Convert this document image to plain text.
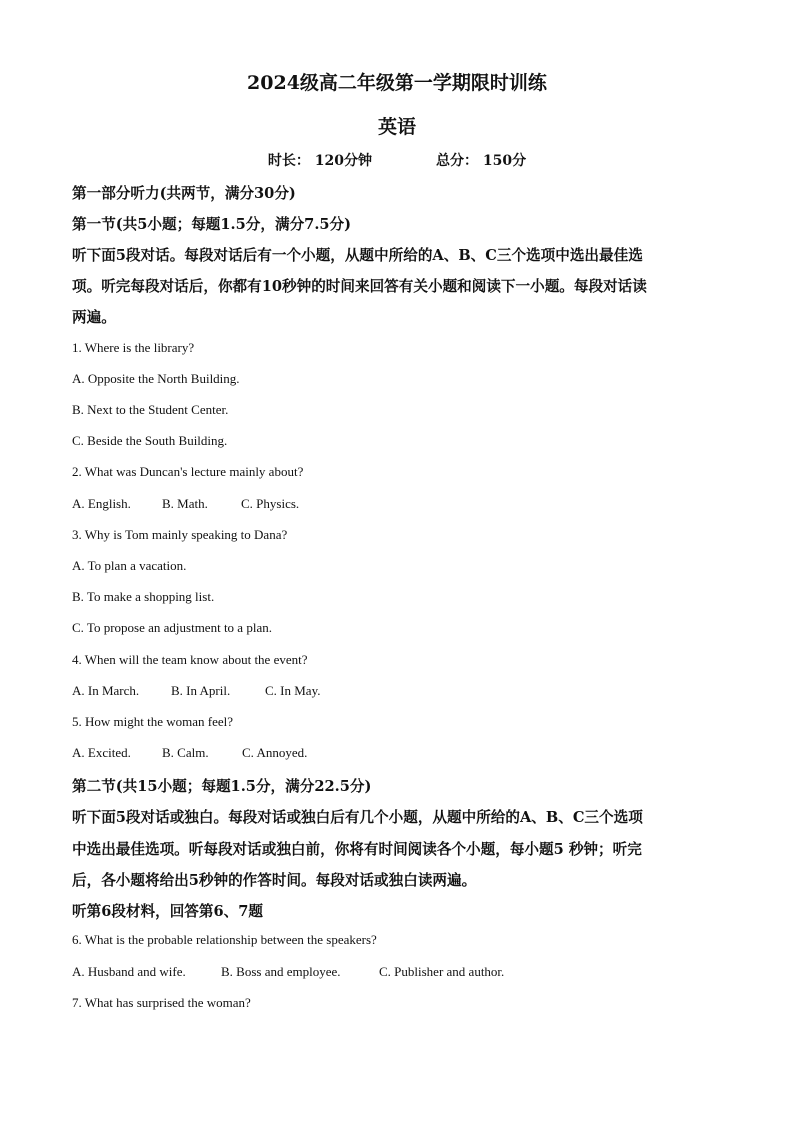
2024级高二年级第一学期限时训练
英语
时长： 120分钟	总分： 150分
第一部分听力(共两节，满分30分)
第一节(共5小题；每题1.5分，满分7.5分)
听下面5段对话。每段对话后有一个小题，从题中所给的A、B、C三个选项中选出最佳选
项。听完每段对话后，你都有10秒钟的时间来回答有关小题和阅读下一小题。每段对话读
两遍。
1. Where is the library?
A. Opposite the North Building.
B. Next to the Student Center.
C. Beside the South Building.
2. What was Duncan's lecture mainly about?
A. English. B. Math.	C. Physics.
3. Why is Tom mainly speaking to Dana?
A. To plan a vacation.
B. To make a shopping list.
C. To propose an adjustment to a plan.
4. When will the team know about the event?
A. In March. B. In April.	C. In May.
5. How might the woman feel?
A. Excited. B. Calm.	C. Annoyed.
第二节(共15小题；每题1.5分，满分22.5分)
听下面5段对话或独白。每段对话或独白后有几个小题，从题中所给的A、B、C三个选项
中选出最佳选项。听每段对话或独白前，你将有时间阅读各个小题，每小题5 秒钟；听完
后，各小题将给出5秒钟的作答时间。每段对话或独白读两遍。
听第6段材料，回答第6、7题
6. What is the probable relationship between the speakers?
A. Husband and wife.	B. Boss and employee.	C. Publisher and author.
7. What has surprised the woman?
